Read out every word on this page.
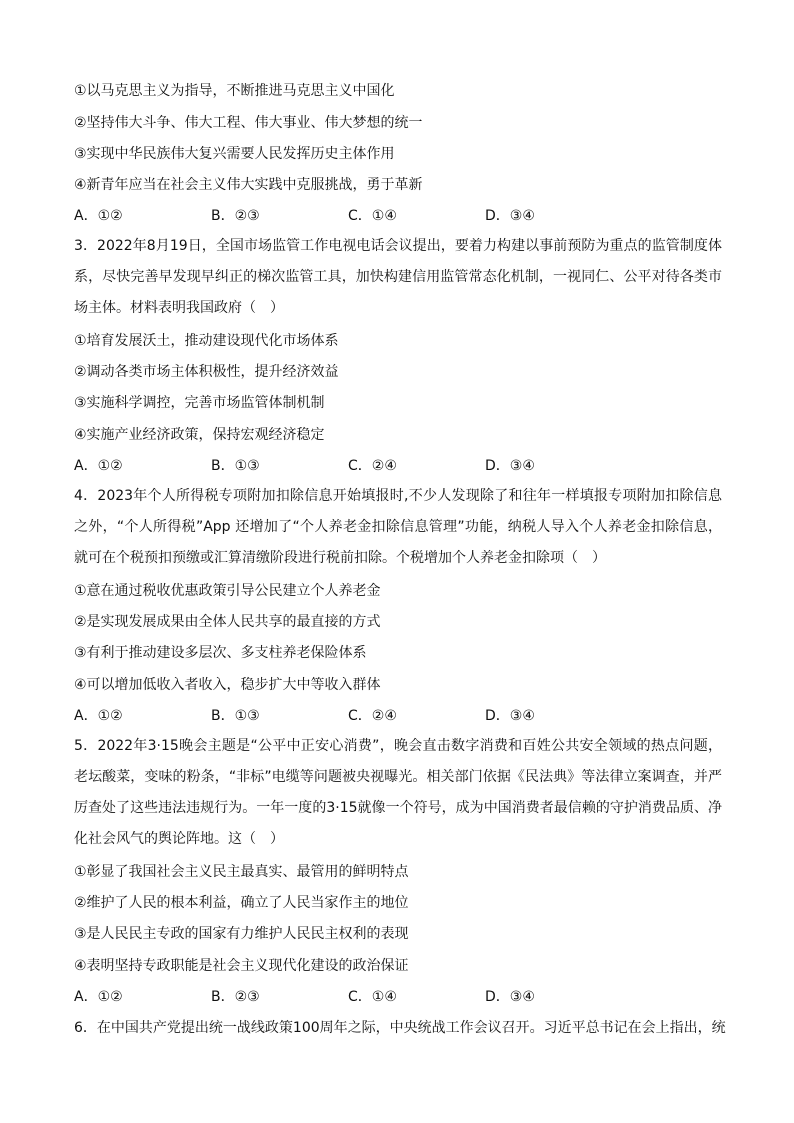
①以马克思主义为指导，不断推进马克思主义中国化
②坚持伟大斗争、伟大工程、伟大事业、伟大梦想的统一
③实现中华民族伟大复兴需要人民发挥历史主体作用
④新青年应当在社会主义伟大实践中克服挑战，勇于革新
A．①②	B．②③	C．①④	D．③④
3．2022年8月19日，全国市场监管工作电视电话会议提出，要着力构建以事前预防为重点的监管制度体系，尽快完善早发现早纠正的梯次监管工具，加快构建信用监管常态化机制，一视同仁、公平对待各类市场主体。材料表明我国政府（　）
①培育发展沃土，推动建设现代化市场体系
②调动各类市场主体积极性，提升经济效益
③实施科学调控，完善市场监管体制机制
④实施产业经济政策，保持宏观经济稳定
A．①②	B．①③	C．②④	D．③④
4．2023年个人所得税专项附加扣除信息开始填报时,不少人发现除了和往年一样填报专项附加扣除信息之外，“个人所得税”App 还增加了“个人养老金扣除信息管理”功能，纳税人导入个人养老金扣除信息，就可在个税预扣预缴或汇算清缴阶段进行税前扣除。个税增加个人养老金扣除项（　）
①意在通过税收优惠政策引导公民建立个人养老金
②是实现发展成果由全体人民共享的最直接的方式
③有利于推动建设多层次、多支柱养老保险体系
④可以增加低收入者收入，稳步扩大中等收入群体
A．①②	B．①③	C．②④	D．③④
5．2022年3·15晚会主题是“公平中正安心消费”，晚会直击数字消费和百姓公共安全领域的热点问题，老坛酸菜，变味的粉条，“非标”电缆等问题被央视曝光。相关部门依据《民法典》等法律立案调查，并严厉查处了这些违法违规行为。一年一度的3·15就像一个符号，成为中国消费者最信赖的守护消费品质、净化社会风气的舆论阵地。这（　）
①彰显了我国社会主义民主最真实、最管用的鲜明特点
②维护了人民的根本利益，确立了人民当家作主的地位
③是人民民主专政的国家有力维护人民民主权利的表现
④表明坚持专政职能是社会主义现代化建设的政治保证
A．①②	B．②③	C．①④	D．③④
6．在中国共产党提出统一战线政策100周年之际，中央统战工作会议召开。习近平总书记在会上指出，统
